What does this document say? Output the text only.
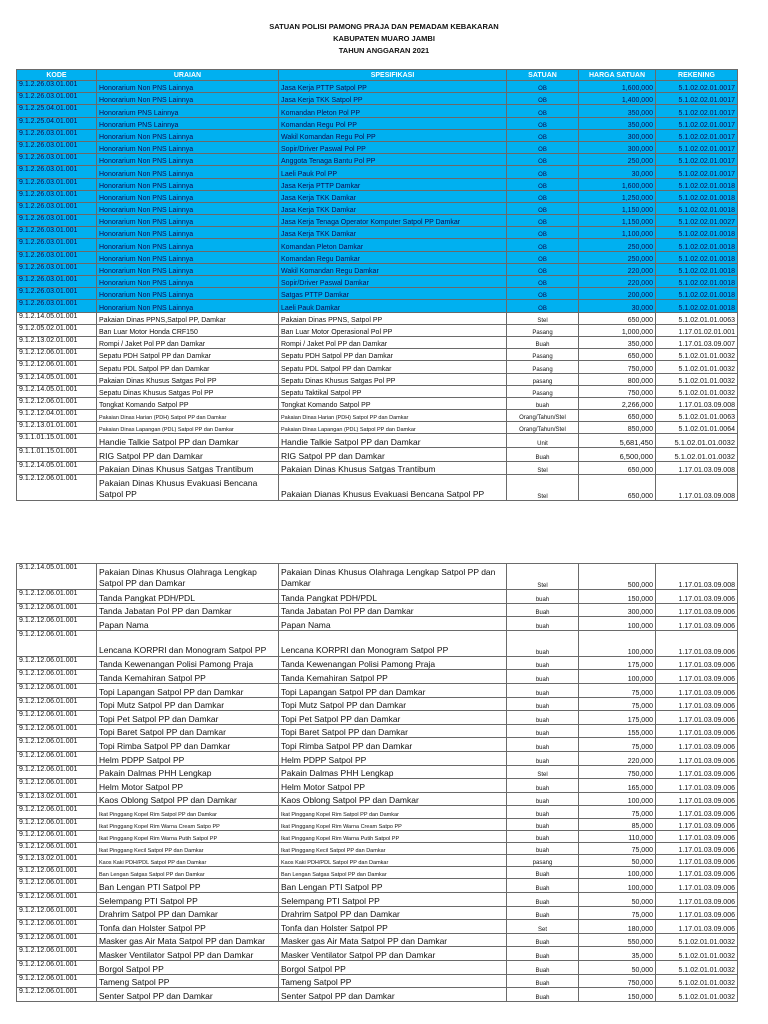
SATUAN POLISI PAMONG PRAJA DAN PEMADAM KEBAKARAN
KABUPATEN MUARO JAMBI
TAHUN ANGGARAN 2021
KODE	URAIAN	SPESIFIKASI	SATUAN	HARGA SATUAN	REKENING
9.1.2.26.03.01.001	Honorarium Non PNS Lainnya	Jasa Kerja PTTP Satpol PP	OB	1,600,000	5.1.02.02.01.0017
9.1.2.26.03.01.001	Honorarium Non PNS Lainnya	Jasa Kerja TKK Satpol PP	OB	1,400,000	5.1.02.02.01.0017
9.1.2.25.04.01.001	Honorarium PNS Lainnya	Komandan Pleton Pol PP	OB	350,000	5.1.02.02.01.0017
9.1.2.25.04.01.001	Honorarium PNS Lainnya	Komandan Regu Pol PP	OB	350,000	5.1.02.02.01.0017
9.1.2.26.03.01.001	Honorarium Non PNS Lainnya	Wakil Komandan Regu Pol PP	OB	300,000	5.1.02.02.01.0017
9.1.2.26.03.01.001	Honorarium Non PNS Lainnya	Sopir/Driver Paswal Pol PP	OB	300,000	5.1.02.02.01.0017
9.1.2.26.03.01.001	Honorarium Non PNS Lainnya	Anggota Tenaga Bantu Pol PP	OB	250,000	5.1.02.02.01.0017
9.1.2.26.03.01.001	Honorarium Non PNS Lainnya	Laeli Pauk Pol PP	OB	30,000	5.1.02.02.01.0017
9.1.2.26.03.01.001	Honorarium Non PNS Lainnya	Jasa Kerja PTTP Damkar	OB	1,600,000	5.1.02.02.01.0018
9.1.2.26.03.01.001	Honorarium Non PNS Lainnya	Jasa Kerja TKK Damkar	OB	1,250,000	5.1.02.02.01.0018
9.1.2.26.03.01.001	Honorarium Non PNS Lainnya	Jasa Kerja TKK Damkar	OB	1,150,000	5.1.02.02.01.0018
9.1.2.26.03.01.001	Honorarium Non PNS Lainnya	Jasa Kerja Tenaga Operator Komputer Satpol PP Damkar	OB	1,150,000	5.1.02.02.01.0027
9.1.2.26.03.01.001	Honorarium Non PNS Lainnya	Jasa Kerja TKK Damkar	OB	1,100,000	5.1.02.02.01.0018
9.1.2.26.03.01.001	Honorarium Non PNS Lainnya	Komandan Pleton Damkar	OB	250,000	5.1.02.02.01.0018
9.1.2.26.03.01.001	Honorarium Non PNS Lainnya	Komandan Regu Damkar	OB	250,000	5.1.02.02.01.0018
9.1.2.26.03.01.001	Honorarium Non PNS Lainnya	Wakil Komandan Regu Damkar	OB	220,000	5.1.02.02.01.0018
9.1.2.26.03.01.001	Honorarium Non PNS Lainnya	Sopir/Driver Paswal Damkar	OB	220,000	5.1.02.02.01.0018
9.1.2.26.03.01.001	Honorarium Non PNS Lainnya	Satgas PTTP Damkar	OB	200,000	5.1.02.02.01.0018
9.1.2.26.03.01.001	Honorarium Non PNS Lainnya	Laeli Pauk Damkar	OB	30,000	5.1.02.02.01.0018
9.1.2.14.05.01.001	Pakaian Dinas PPNS,Satpol PP, Damkar	Pakaian Dinas PPNS, Satpol PP	Stel	650,000	5.1.02.01.01.0063
9.1.2.05.02.01.001	Ban Luar Motor Honda CRF150	Ban Luar Motor Operasional Pol PP	Pasang	1,000,000	1.17.01.02.01.001
9.1.2.13.02.01.001	Rompi / Jaket Pol PP dan Damkar	Rompi / Jaket Pol PP dan Damkar	Buah	350,000	1.17.01.03.09.007
9.1.2.12.06.01.001	Sepatu PDH Satpol PP dan Damkar	Sepatu PDH Satpol PP dan Damkar	Pasang	650,000	5.1.02.01.01.0032
9.1.2.12.06.01.001	Sepatu PDL Satpol PP dan Damkar	Sepatu PDL Satpol PP dan Damkar	Pasang	750,000	5.1.02.01.01.0032
9.1.2.14.05.01.001	Pakaian Dinas Khusus Satgas Pol PP	Sepatu Dinas Khusus Satgas Pol PP	pasang	800,000	5.1.02.01.01.0032
9.1.2.14.05.01.001	Sepatu Dinas Khusus Satgas Pol PP	Sepatu Taktikal Satpol PP	Pasang	750,000	5.1.02.01.01.0032
9.1.2.12.06.01.001	Tongkat Komando Satpol PP	Tongkat Komando Satpol PP	buah	2,266,000	1.17.01.03.09.008
9.1.2.12.04.01.001	Pakaian Dinas Harian (PDH) Satpol PP dan Damkar	Pakaian Dinas Harian (PDH) Satpol PP dan Damkar	Orang/Tahun/Stel	650,000	5.1.02.01.01.0063
9.1.2.13.01.01.001	Pakaian Dinas Lapangan (PDL) Satpol PP dan Damkar	Pakaian Dinas Lapangan (PDL) Satpol PP dan Damkar	Orang/Tahun/Stel	850,000	5.1.02.01.01.0064
9.1.1.01.15.01.001	Handie Talkie Satpol PP dan Damkar	Handie Talkie Satpol PP dan Damkar	Unit	5,681,450	5.1.02.01.01.0032
9.1.1.01.15.01.001	RIG Satpol PP dan Damkar	RIG Satpol PP dan Damkar	Buah	6,500,000	5.1.02.01.01.0032
9.1.2.14.05.01.001	Pakaian Dinas Khusus Satgas Trantibum	Pakaian Dinas Khusus Satgas Trantibum	Stel	650,000	1.17.01.03.09.008
9.1.2.12.06.01.001	Pakaian Dinas Khusus Evakuasi Bencana Satpol PP	Pakaian Dianas Khusus Evakuasi Bencana Satpol PP	Stel	650,000	1.17.01.03.09.008
9.1.2.14.05.01.001	Pakaian Dinas Khusus Olahraga Lengkap Satpol PP dan Damkar	Pakaian Dinas Khusus Olahraga Lengkap Satpol PP dan Damkar	Stel	500,000	1.17.01.03.09.008
9.1.2.12.06.01.001	Tanda Pangkat PDH/PDL	Tanda Pangkat PDH/PDL	buah	150,000	1.17.01.03.09.006
9.1.2.12.06.01.001	Tanda Jabatan Pol PP dan Damkar	Tanda Jabatan Pol PP dan Damkar	Buah	300,000	1.17.01.03.09.006
9.1.2.12.06.01.001	Papan Nama	Papan Nama	buah	100,000	1.17.01.03.09.006
9.1.2.12.06.01.001	Lencana KORPRI dan Monogram Satpol PP	Lencana KORPRI dan Monogram Satpol PP	buah	100,000	1.17.01.03.09.006
9.1.2.12.06.01.001	Tanda Kewenangan Polisi Pamong Praja	Tanda Kewenangan Polisi Pamong Praja	buah	175,000	1.17.01.03.09.006
9.1.2.12.06.01.001	Tanda Kemahiran Satpol PP	Tanda Kemahiran Satpol PP	buah	100,000	1.17.01.03.09.006
9.1.2.12.06.01.001	Topi Lapangan Satpol PP dan Damkar	Topi Lapangan Satpol PP dan Damkar	buah	75,000	1.17.01.03.09.006
9.1.2.12.06.01.001	Topi Mutz Satpol PP dan Damkar	Topi Mutz Satpol PP dan Damkar	buah	75,000	1.17.01.03.09.006
9.1.2.12.06.01.001	Topi Pet Satpol PP dan Damkar	Topi Pet Satpol PP dan Damkar	buah	175,000	1.17.01.03.09.006
9.1.2.12.06.01.001	Topi Baret Satpol PP dan Damkar	Topi Baret Satpol PP dan Damkar	buah	155,000	1.17.01.03.09.006
9.1.2.12.06.01.001	Topi Rimba Satpol PP dan Damkar	Topi Rimba Satpol PP dan Damkar	buah	75,000	1.17.01.03.09.006
9.1.2.12.06.01.001	Helm PDPP Satpol PP	Helm PDPP Satpol PP	buah	220,000	1.17.01.03.09.006
9.1.2.12.06.01.001	Pakain Dalmas PHH Lengkap	Pakain Dalmas PHH Lengkap	Stel	750,000	1.17.01.03.09.006
9.1.2.12.06.01.001	Helm Motor Satpol PP	Helm Motor Satpol PP	buah	165,000	1.17.01.03.09.006
9.1.2.13.02.01.001	Kaos Oblong Satpol PP dan Damkar	Kaos Oblong Satpol PP dan Damkar	buah	100,000	1.17.01.03.09.006
9.1.2.12.06.01.001	Ikat Pinggang Kopel Rim Satpol PP dan Damkar	Ikat Pinggang Kopel Rim Satpol PP dan Damkar	buah	75,000	1.17.01.03.09.006
9.1.2.12.06.01.001	Ikat Pinggang Kopel Rim Warna Cream Satpo PP	Ikat Pinggang Kopel Rim Warna Cream Satpo PP	buah	85,000	1.17.01.03.09.006
9.1.2.12.06.01.001	Ikat Pinggang Kopel Rim Warna Putih Satpol PP	Ikat Pinggang Kopel Rim Warna Putih Satpol PP	buah	110,000	1.17.01.03.09.006
9.1.2.12.06.01.001	Ikat Pinggang Kecil Satpol PP dan Damkar	Ikat Pinggang Kecil Satpol PP dan Damkar	buah	75,000	1.17.01.03.09.006
9.1.2.13.02.01.001	Kaos Kaki PDH/PDL Satpol PP dan Damkar	Kaos Kaki PDH/PDL Satpol PP dan Damkar	pasang	50,000	1.17.01.03.09.006
9.1.2.12.06.01.001	Ban Lengan Satgas Satpol PP dan Damkar	Ban Lengan Satgas Satpol PP dan Damkar	Buah	100,000	1.17.01.03.09.006
9.1.2.12.06.01.001	Ban Lengan PTI Satpol PP	Ban Lengan PTI Satpol PP	Buah	100,000	1.17.01.03.09.006
9.1.2.12.06.01.001	Selempang PTI Satpol PP	Selempang PTI Satpol PP	Buah	50,000	1.17.01.03.09.006
9.1.2.12.06.01.001	Drahrim Satpol PP dan Damkar	Drahrim Satpol PP dan Damkar	Buah	75,000	1.17.01.03.09.006
9.1.2.12.06.01.001	Tonfa dan Holster Satpol PP	Tonfa dan Holster Satpol PP	Set	180,000	1.17.01.03.09.006
9.1.2.12.06.01.001	Masker gas Air Mata Satpol PP dan Damkar	Masker gas Air Mata Satpol PP dan Damkar	Buah	550,000	5.1.02.01.01.0032
9.1.2.12.06.01.001	Masker Ventilator Satpol PP dan Damkar	Masker Ventilator Satpol PP dan Damkar	Buah	35,000	5.1.02.01.01.0032
9.1.2.12.06.01.001	Borgol Satpol PP	Borgol Satpol PP	Buah	50,000	5.1.02.01.01.0032
9.1.2.12.06.01.001	Tameng Satpol PP	Tameng Satpol PP	Buah	750,000	5.1.02.01.01.0032
9.1.2.12.06.01.001	Senter Satpol PP dan Damkar	Senter Satpol PP dan Damkar	Buah	150,000	5.1.02.01.01.0032
